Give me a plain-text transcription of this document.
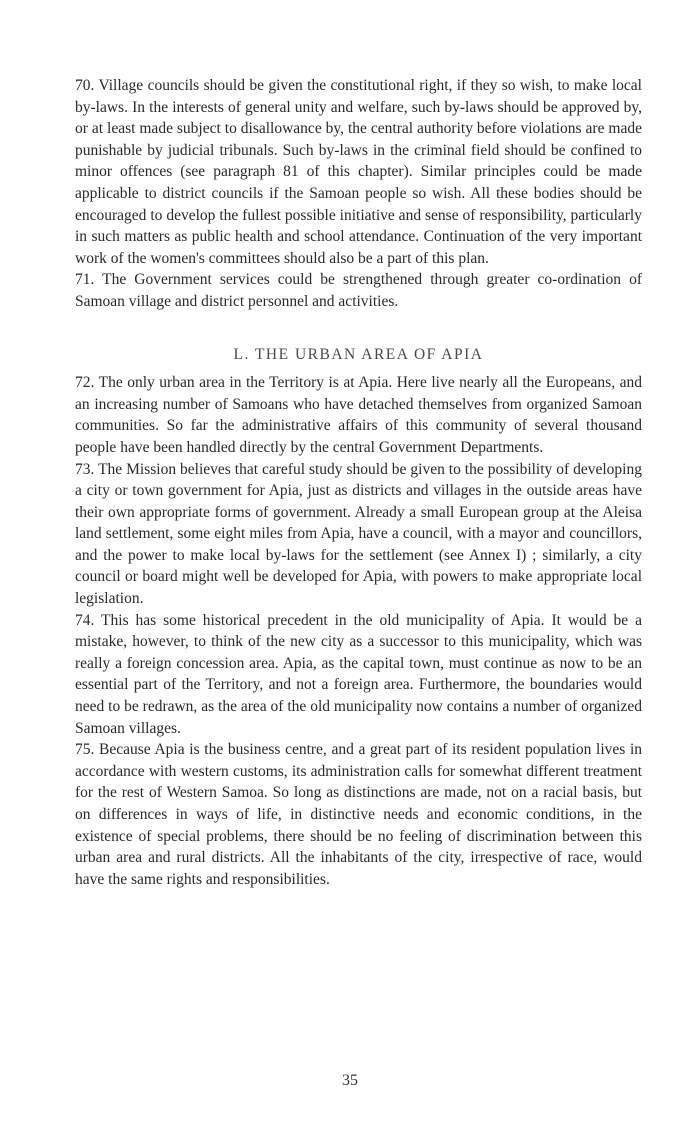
70. Village councils should be given the constitutional right, if they so wish, to make local by-laws. In the interests of general unity and welfare, such by-laws should be approved by, or at least made subject to disallowance by, the central authority before violations are made punishable by judicial tribunals. Such by-laws in the criminal field should be confined to minor offences (see paragraph 81 of this chapter). Similar principles could be made applicable to district councils if the Samoan people so wish. All these bodies should be encouraged to develop the fullest possible initiative and sense of responsibility, particularly in such matters as public health and school attendance. Continuation of the very important work of the women's committees should also be a part of this plan.

71. The Government services could be strengthened through greater co-ordination of Samoan village and district personnel and activities.

L. THE URBAN AREA OF APIA

72. The only urban area in the Territory is at Apia. Here live nearly all the Europeans, and an increasing number of Samoans who have detached themselves from organized Samoan communities. So far the administrative affairs of this community of several thousand people have been handled directly by the central Government Departments.

73. The Mission believes that careful study should be given to the possibility of developing a city or town government for Apia, just as districts and villages in the outside areas have their own appropriate forms of government. Already a small European group at the Aleisa land settlement, some eight miles from Apia, have a council, with a mayor and councillors, and the power to make local by-laws for the settlement (see Annex I) ; similarly, a city council or board might well be developed for Apia, with powers to make appropriate local legislation.

74. This has some historical precedent in the old municipality of Apia. It would be a mistake, however, to think of the new city as a successor to this municipality, which was really a foreign concession area. Apia, as the capital town, must continue as now to be an essential part of the Territory, and not a foreign area. Furthermore, the boundaries would need to be redrawn, as the area of the old municipality now contains a number of organized Samoan villages.

75. Because Apia is the business centre, and a great part of its resident population lives in accordance with western customs, its administration calls for somewhat different treatment for the rest of Western Samoa. So long as distinctions are made, not on a racial basis, but on differences in ways of life, in distinctive needs and economic conditions, in the existence of special problems, there should be no feeling of discrimination between this urban area and rural districts. All the inhabitants of the city, irrespective of race, would have the same rights and responsibilities.

35
